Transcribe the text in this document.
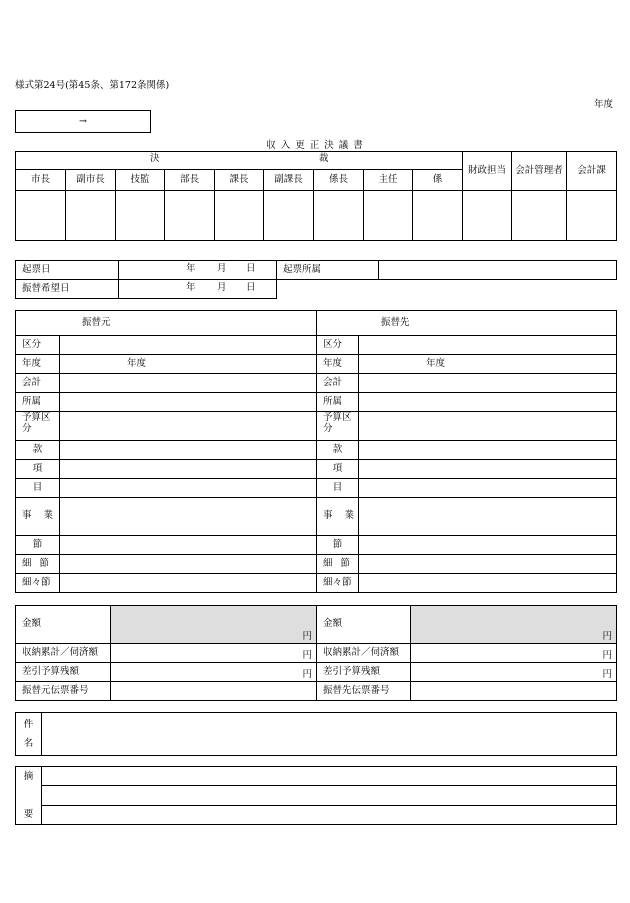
様式第24号(第45条、第172条関係)
年度
→
収 入 更 正 決 議 書
決 裁									財政担当	会計管理者	会計課
市長	副市長	技監	部長	課長	副課長	係長	主任	係			

起票日	年 月 日	起票所属	
振替希望日	年 月 日		

振替元		振替先	
区分		区分	
年度	年度	年度	年度
会計		会計	
所属		所属	
予算区分		予算区分	
款		款	
項		項	
目		目	
事 業		事 業	
節		節	
細 節		細 節	
細々節		細々節	
金額	円	金額	円
収納累計／伺済額	円	収納累計／伺済額	円
差引予算残額	円	差引予算残額	円
振替元伝票番号		振替先伝票番号	
件
名	
摘

要	
